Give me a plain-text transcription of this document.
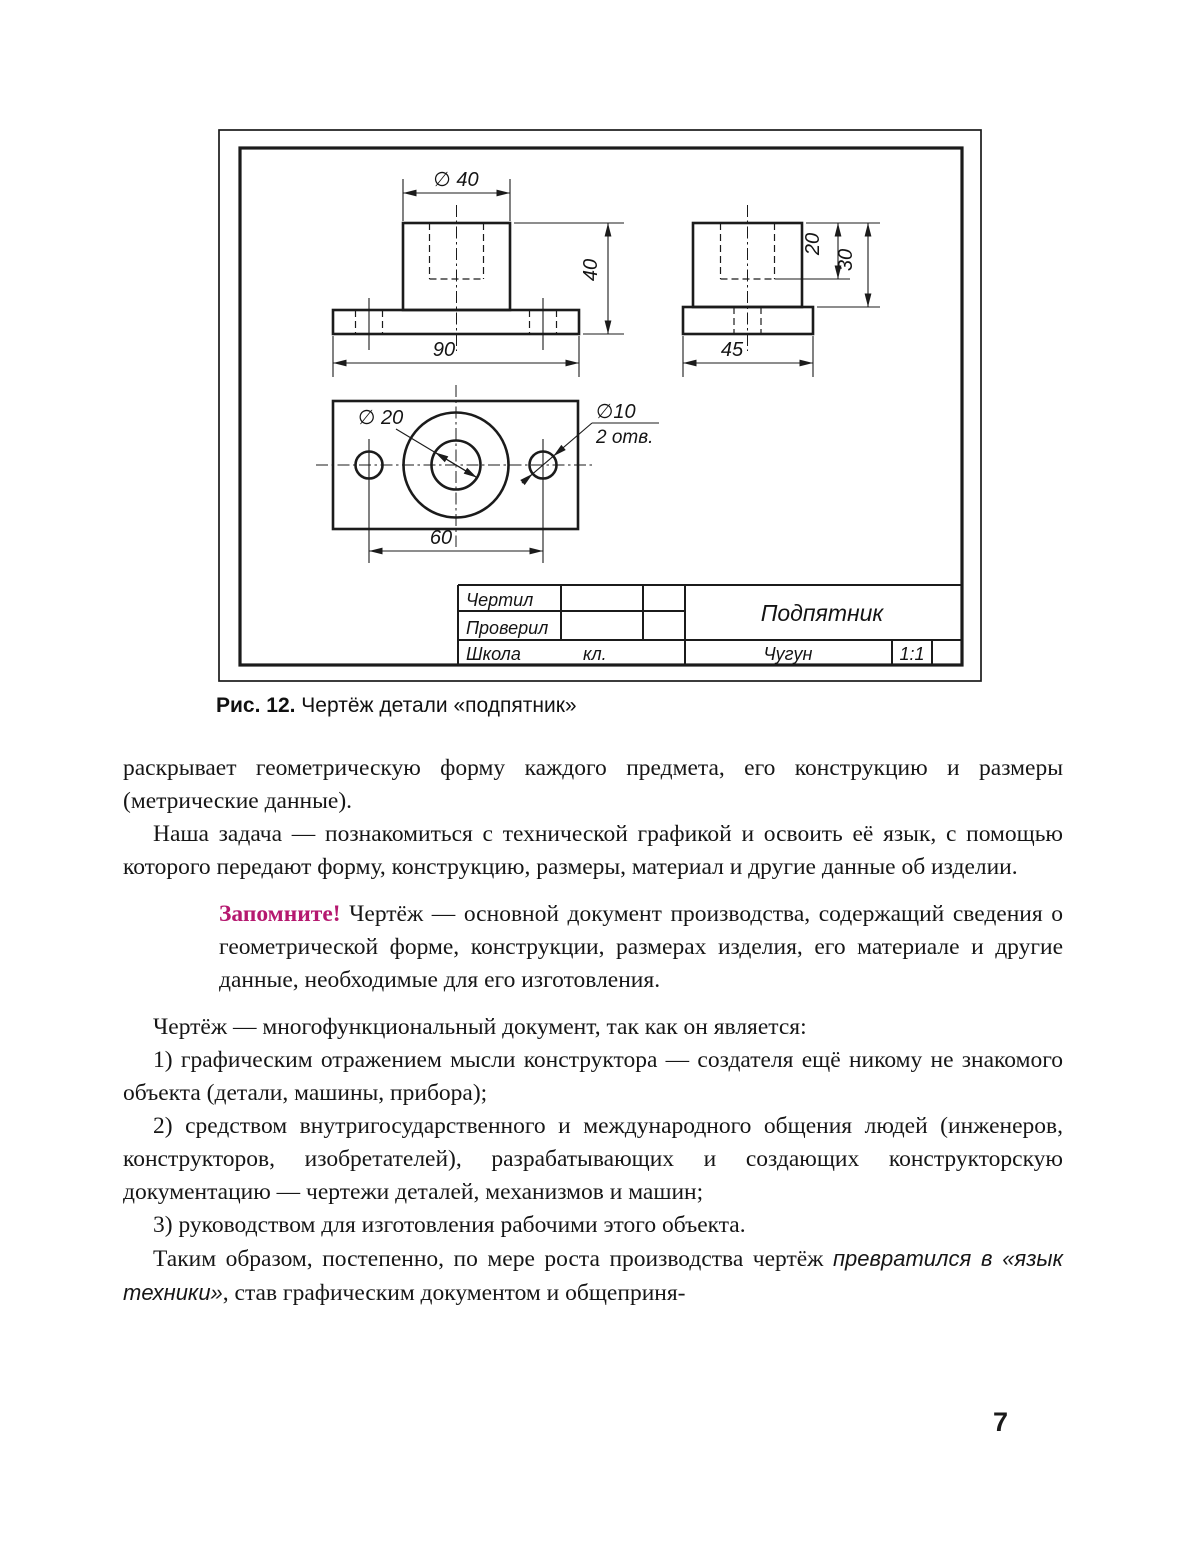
∅ 40
40
90
20
30
45
∅ 20	∅10
2 отв.
60
Чертил
Проверил
Школа	кл.
Подпятник
Чугун	1:1

Рис. 12. Чертёж детали «подпятник»

раскрывает геометрическую форму каждого предмета, его конструкцию и размеры (метрические данные).

Наша задача — познакомиться с технической графикой и освоить её язык, с помощью которого передают форму, конструкцию, размеры, материал и другие данные об изделии.

Запомните! Чертёж — основной документ производства, содержащий сведения о геометрической форме, конструкции, размерах изделия, его материале и другие данные, необходимые для его изготовления.

Чертёж — многофункциональный документ, так как он является:

1) графическим отражением мысли конструктора — создателя ещё никому не знакомого объекта (детали, машины, прибора);

2) средством внутригосударственного и международного общения людей (инженеров, конструкторов, изобретателей), разрабатывающих и создающих конструкторскую документацию — чертежи деталей, механизмов и машин;

3) руководством для изготовления рабочими этого объекта.

Таким образом, постепенно, по мере роста производства чертёж превратился в «язык техники», став графическим документом и общеприня-

7
